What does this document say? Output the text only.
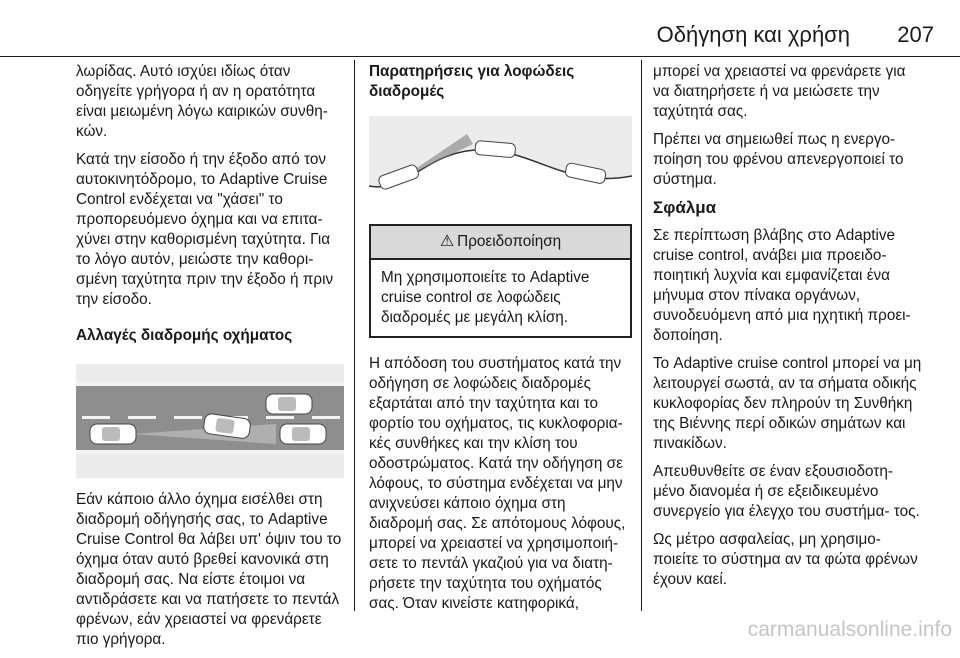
Οδήγηση και χρήση 207

λωρίδας. Αυτό ισχύει ιδίως όταν οδηγείτε γρήγορα ή αν η ορατότητα είναι μειωμένη λόγω καιρικών συνθη- κών.

Κατά την είσοδο ή την έξοδο από τον αυτοκινητόδρομο, το Adaptive Cruise Control ενδέχεται να "χάσει" το προπορευόμενο όχημα και να επιτα- χύνει στην καθορισμένη ταχύτητα. Για το λόγο αυτόν, μειώστε την καθορι- σμένη ταχύτητα πριν την έξοδο ή πριν την είσοδο.

Αλλαγές διαδρομής οχήματος

Εάν κάποιο άλλο όχημα εισέλθει στη διαδρομή οδήγησής σας, το Adaptive Cruise Control θα λάβει υπ' όψιν του το όχημα όταν αυτό βρεθεί κανονικά στη διαδρομή σας. Να είστε έτοιμοι να αντιδράσετε και να πατήσετε το πεντάλ φρένων, εάν χρειαστεί να φρενάρετε πιο γρήγορα.

Παρατηρήσεις για λοφώδεις διαδρομές
⚠ Προειδοποίηση
Μη χρησιμοποιείτε το Adaptive cruise control σε λοφώδεις διαδρομές με μεγάλη κλίση.

Η απόδοση του συστήματος κατά την οδήγηση σε λοφώδεις διαδρομές εξαρτάται από την ταχύτητα και το φορτίο του οχήματος, τις κυκλοφορια- κές συνθήκες και την κλίση του οδοστρώματος. Κατά την οδήγηση σε λόφους, το σύστημα ενδέχεται να μην ανιχνεύσει κάποιο όχημα στη διαδρομή σας. Σε απότομους λόφους, μπορεί να χρειαστεί να χρησιμοποιή- σετε το πεντάλ γκαζιού για να διατη- ρήσετε την ταχύτητα του οχήματός σας. Όταν κινείστε κατηφορικά,

μπορεί να χρειαστεί να φρενάρετε για να διατηρήσετε ή να μειώσετε την ταχύτητά σας.

Πρέπει να σημειωθεί πως η ενεργο- ποίηση του φρένου απενεργοποιεί το σύστημα.

Σφάλμα

Σε περίπτωση βλάβης στο Adaptive cruise control, ανάβει μια προειδο- ποιητική λυχνία και εμφανίζεται ένα μήνυμα στον πίνακα οργάνων, συνοδευόμενη από μια ηχητική προει- δοποίηση.

Το Adaptive cruise control μπορεί να μη λειτουργεί σωστά, αν τα σήματα οδικής κυκλοφορίας δεν πληρούν τη Συνθήκη της Βιέννης περί οδικών σημάτων και πινακίδων.

Απευθυνθείτε σε έναν εξουσιοδοτη- μένο διανομέα ή σε εξειδικευμένο συνεργείο για έλεγχο του συστήμα- τος.

Ως μέτρο ασφαλείας, μη χρησιμο- ποιείτε το σύστημα αν τα φώτα φρένων έχουν καεί.

carmanualsonline.info
